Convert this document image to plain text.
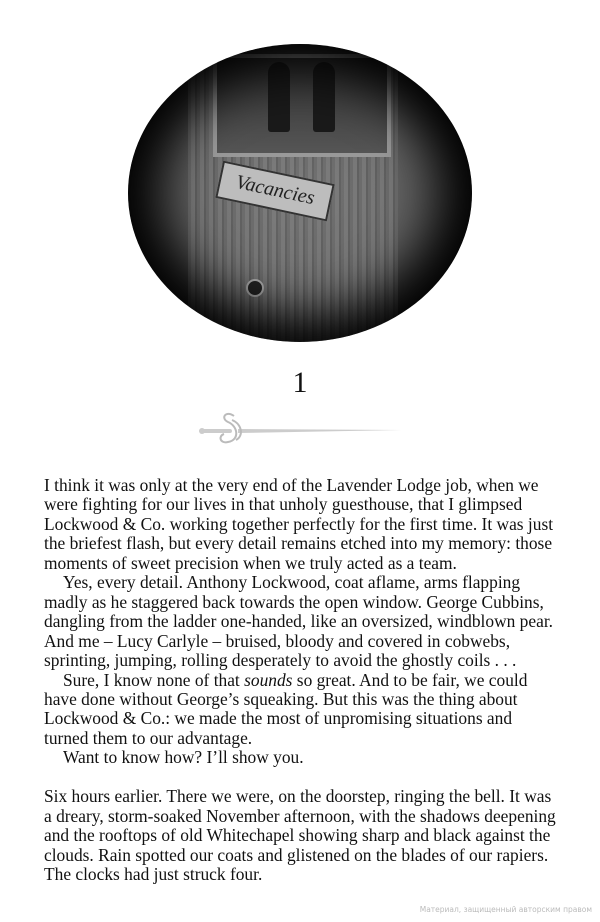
Vacancies
1

I think it was only at the very end of the Lavender Lodge job, when we were fighting for our lives in that unholy guesthouse, that I glimpsed Lockwood & Co. working together perfectly for the first time. It was just the briefest flash, but every detail remains etched into my memory: those moments of sweet precision when we truly acted as a team.

Yes, every detail. Anthony Lockwood, coat aflame, arms flapping madly as he staggered back towards the open window. George Cubbins, dangling from the ladder one-handed, like an oversized, windblown pear. And me – Lucy Carlyle – bruised, bloody and covered in cobwebs, sprinting, jumping, rolling desperately to avoid the ghostly coils . . .

Sure, I know none of that sounds so great. And to be fair, we could have done without George’s squeaking. But this was the thing about Lockwood & Co.: we made the most of unpromising situations and turned them to our advantage.

Want to know how? I’ll show you.

Six hours earlier. There we were, on the doorstep, ringing the bell. It was a dreary, storm-soaked November afternoon, with the shadows deepening and the rooftops of old Whitechapel showing sharp and black against the clouds. Rain spotted our coats and glistened on the blades of our rapiers. The clocks had just struck four.

Материал, защищенный авторским правом
